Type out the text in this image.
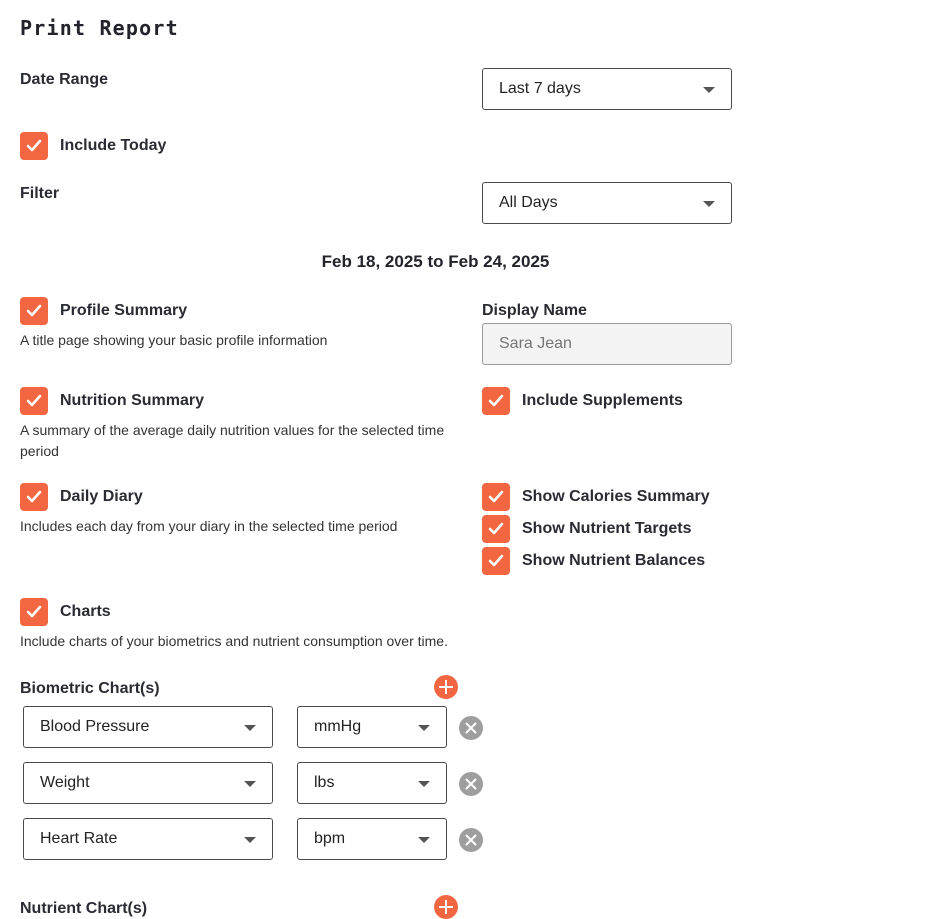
Print Report
Date Range
Last 7 days
Include Today
Filter
All Days
Feb 18, 2025 to Feb 24, 2025
Profile Summary
A title page showing your basic profile information
Display Name
Sara Jean
Nutrition Summary
A summary of the average daily nutrition values for the selected time period
Include Supplements
Daily Diary
Includes each day from your diary in the selected time period
Show Calories Summary
Show Nutrient Targets
Show Nutrient Balances
Charts
Include charts of your biometrics and nutrient consumption over time.
Biometric Chart(s)
Blood Pressure	mmHg
Weight	lbs
Heart Rate	bpm
Nutrient Chart(s)
